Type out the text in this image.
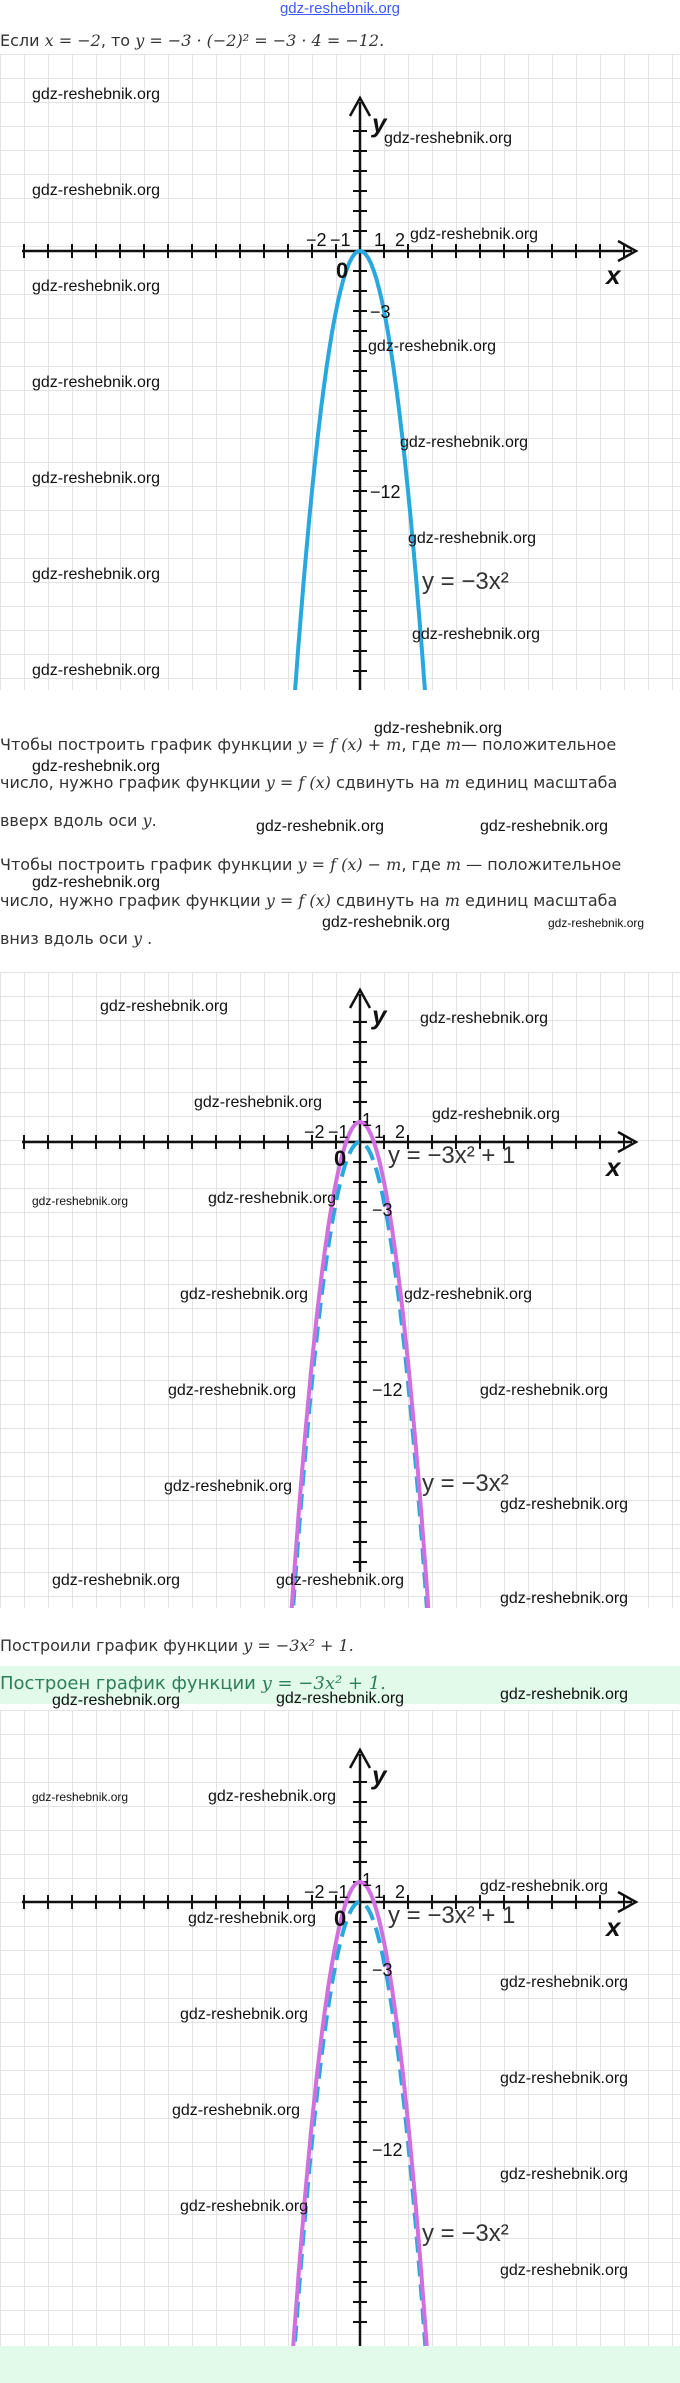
gdz-reshebnik.org
Если x = −2, то y = −3 · (−2)² = −3 · 4 = −12.
x
y
0
−2 −1 1 2
−3
−12
y = −3x²
gdz-reshebnik.org
gdz-reshebnik.org
gdz-reshebnik.org
gdz-reshebnik.org
gdz-reshebnik.org
gdz-reshebnik.org
gdz-reshebnik.org
gdz-reshebnik.org
gdz-reshebnik.org
gdz-reshebnik.org
gdz-reshebnik.org
gdz-reshebnik.org
gdz-reshebnik.org
gdz-reshebnik.org
Чтобы построить график функции y = f (x) + m, где m— положительное
gdz-reshebnik.org
число, нужно график функции y = f (x) сдвинуть на m единиц масштаба
вверх вдоль оси y.	gdz-reshebnik.org	gdz-reshebnik.org
Чтобы построить график функции y = f (x) − m, где m — положительное
gdz-reshebnik.org
число, нужно график функции y = f (x) сдвинуть на m единиц масштаба
gdz-reshebnik.org	gdz-reshebnik.org
вниз вдоль оси y .
x
y
0
−2 −1 1 2
1
−3
−12
y = −3x² + 1
y = −3x²
gdz-reshebnik.org
gdz-reshebnik.org
gdz-reshebnik.org
gdz-reshebnik.org
gdz-reshebnik.org	gdz-reshebnik.org
gdz-reshebnik.org	gdz-reshebnik.org
gdz-reshebnik.org	gdz-reshebnik.org
gdz-reshebnik.org
gdz-reshebnik.org
gdz-reshebnik.org	gdz-reshebnik.org
gdz-reshebnik.org
Построили график функции y = −3x² + 1.
Построен график функции y = −3x² + 1.
gdz-reshebnik.org	gdz-reshebnik.org	gdz-reshebnik.org
x
y
0
−2 −1 1 2
1
−3
−12
y = −3x² + 1
y = −3x²
gdz-reshebnik.org	gdz-reshebnik.org
gdz-reshebnik.org
gdz-reshebnik.org
gdz-reshebnik.org
gdz-reshebnik.org
gdz-reshebnik.org
gdz-reshebnik.org
gdz-reshebnik.org
gdz-reshebnik.org
gdz-reshebnik.org
